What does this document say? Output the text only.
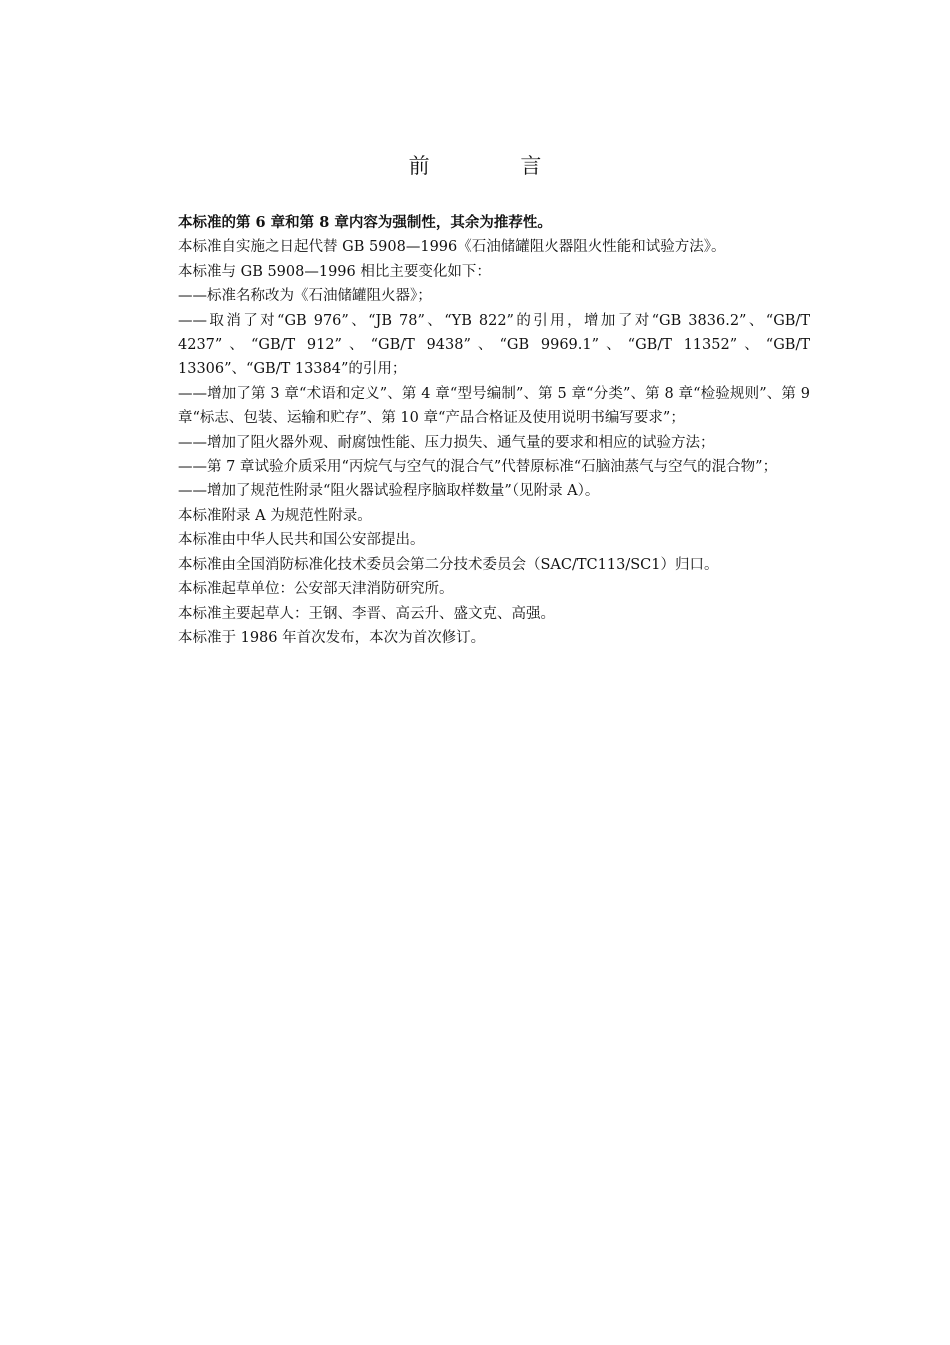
前 言

本标准的第 6 章和第 8 章内容为强制性，其余为推荐性。

本标准自实施之日起代替 GB 5908—1996《石油储罐阻火器阻火性能和试验方法》。

本标准与 GB 5908—1996 相比主要变化如下：

——标准名称改为《石油储罐阻火器》；

——取消了对“GB 976”、“JB 78”、“YB 822”的引用，增加了对“GB 3836.2”、“GB/T 4237”、“GB/T 912”、“GB/T 9438”、“GB 9969.1”、“GB/T 11352”、“GB/T 13306”、“GB/T 13384”的引用；

——增加了第 3 章“术语和定义”、第 4 章“型号编制”、第 5 章“分类”、第 8 章“检验规则”、第 9 章“标志、包装、运输和贮存”、第 10 章“产品合格证及使用说明书编写要求”；

——增加了阻火器外观、耐腐蚀性能、压力损失、通气量的要求和相应的试验方法；

——第 7 章试验介质采用“丙烷气与空气的混合气”代替原标准“石脑油蒸气与空气的混合物”；

——增加了规范性附录“阻火器试验程序脑取样数量”（见附录 A）。

本标准附录 A 为规范性附录。

本标准由中华人民共和国公安部提出。

本标准由全国消防标准化技术委员会第二分技术委员会（SAC/TC113/SC1）归口。

本标准起草单位：公安部天津消防研究所。

本标准主要起草人：王钢、李晋、高云升、盛文克、高强。

本标准于 1986 年首次发布，本次为首次修订。
